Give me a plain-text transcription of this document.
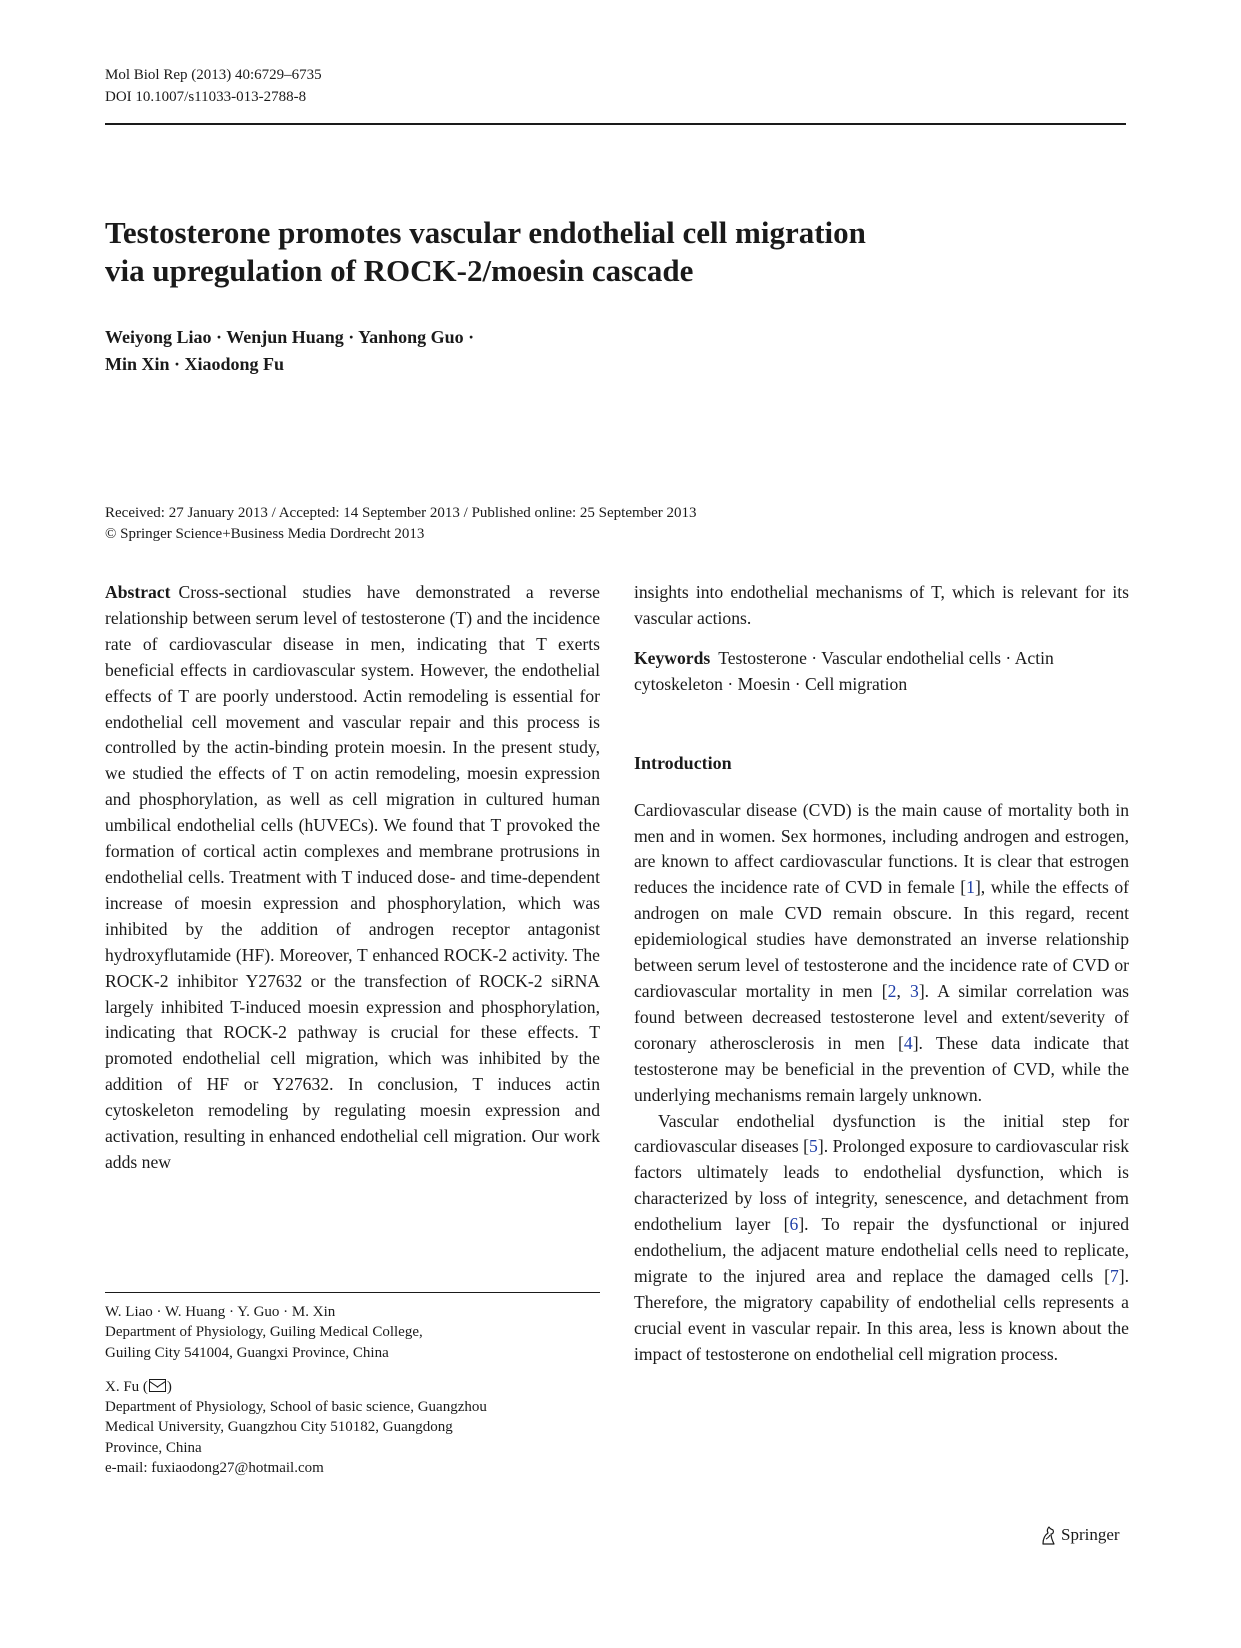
Mol Biol Rep (2013) 40:6729–6735
DOI 10.1007/s11033-013-2788-8
Testosterone promotes vascular endothelial cell migration
via upregulation of ROCK-2/moesin cascade
Weiyong Liao · Wenjun Huang · Yanhong Guo ·
Min Xin · Xiaodong Fu
Received: 27 January 2013 / Accepted: 14 September 2013 / Published online: 25 September 2013
© Springer Science+Business Media Dordrecht 2013

Abstract Cross-sectional studies have demonstrated a reverse relationship between serum level of testosterone (T) and the incidence rate of cardiovascular disease in men, indicating that T exerts beneficial effects in cardiovascular system. However, the endothelial effects of T are poorly understood. Actin remodeling is essential for endothelial cell movement and vascular repair and this process is controlled by the actin-binding protein moesin. In the present study, we studied the effects of T on actin remodeling, moesin expression and phosphorylation, as well as cell migration in cultured human umbilical endothelial cells (hUVECs). We found that T provoked the formation of cortical actin complexes and membrane protrusions in endothelial cells. Treatment with T induced dose- and time-dependent increase of moesin expression and phosphorylation, which was inhibited by the addition of androgen receptor antagonist hydroxyflutamide (HF). Moreover, T enhanced ROCK-2 activity. The ROCK-2 inhibitor Y27632 or the transfection of ROCK-2 siRNA largely inhibited T-induced moesin expression and phosphorylation, indicating that ROCK-2 pathway is crucial for these effects. T promoted endothelial cell migration, which was inhibited by the addition of HF or Y27632. In conclusion, T induces actin cytoskeleton remodeling by regulating moesin expression and activation, resulting in enhanced endothelial cell migration. Our work adds new

insights into endothelial mechanisms of T, which is relevant for its vascular actions.

Keywords Testosterone · Vascular endothelial cells · Actin cytoskeleton · Moesin · Cell migration

Introduction

Cardiovascular disease (CVD) is the main cause of mortality both in men and in women. Sex hormones, including androgen and estrogen, are known to affect cardiovascular functions. It is clear that estrogen reduces the incidence rate of CVD in female [1], while the effects of androgen on male CVD remain obscure. In this regard, recent epidemiological studies have demonstrated an inverse relationship between serum level of testosterone and the incidence rate of CVD or cardiovascular mortality in men [2, 3]. A similar correlation was found between decreased testosterone level and extent/severity of coronary atherosclerosis in men [4]. These data indicate that testosterone may be beneficial in the prevention of CVD, while the underlying mechanisms remain largely unknown.

Vascular endothelial dysfunction is the initial step for cardiovascular diseases [5]. Prolonged exposure to cardiovascular risk factors ultimately leads to endothelial dysfunction, which is characterized by loss of integrity, senescence, and detachment from endothelium layer [6]. To repair the dysfunctional or injured endothelium, the adjacent mature endothelial cells need to replicate, migrate to the injured area and replace the damaged cells [7]. Therefore, the migratory capability of endothelial cells represents a crucial event in vascular repair. In this area, less is known about the impact of testosterone on endothelial cell migration process.

W. Liao · W. Huang · Y. Guo · M. Xin
Department of Physiology, Guiling Medical College,
Guiling City 541004, Guangxi Province, China
X. Fu ( )
Department of Physiology, School of basic science, Guangzhou
Medical University, Guangzhou City 510182, Guangdong
Province, China
e-mail: fuxiaodong27@hotmail.com
Springer
